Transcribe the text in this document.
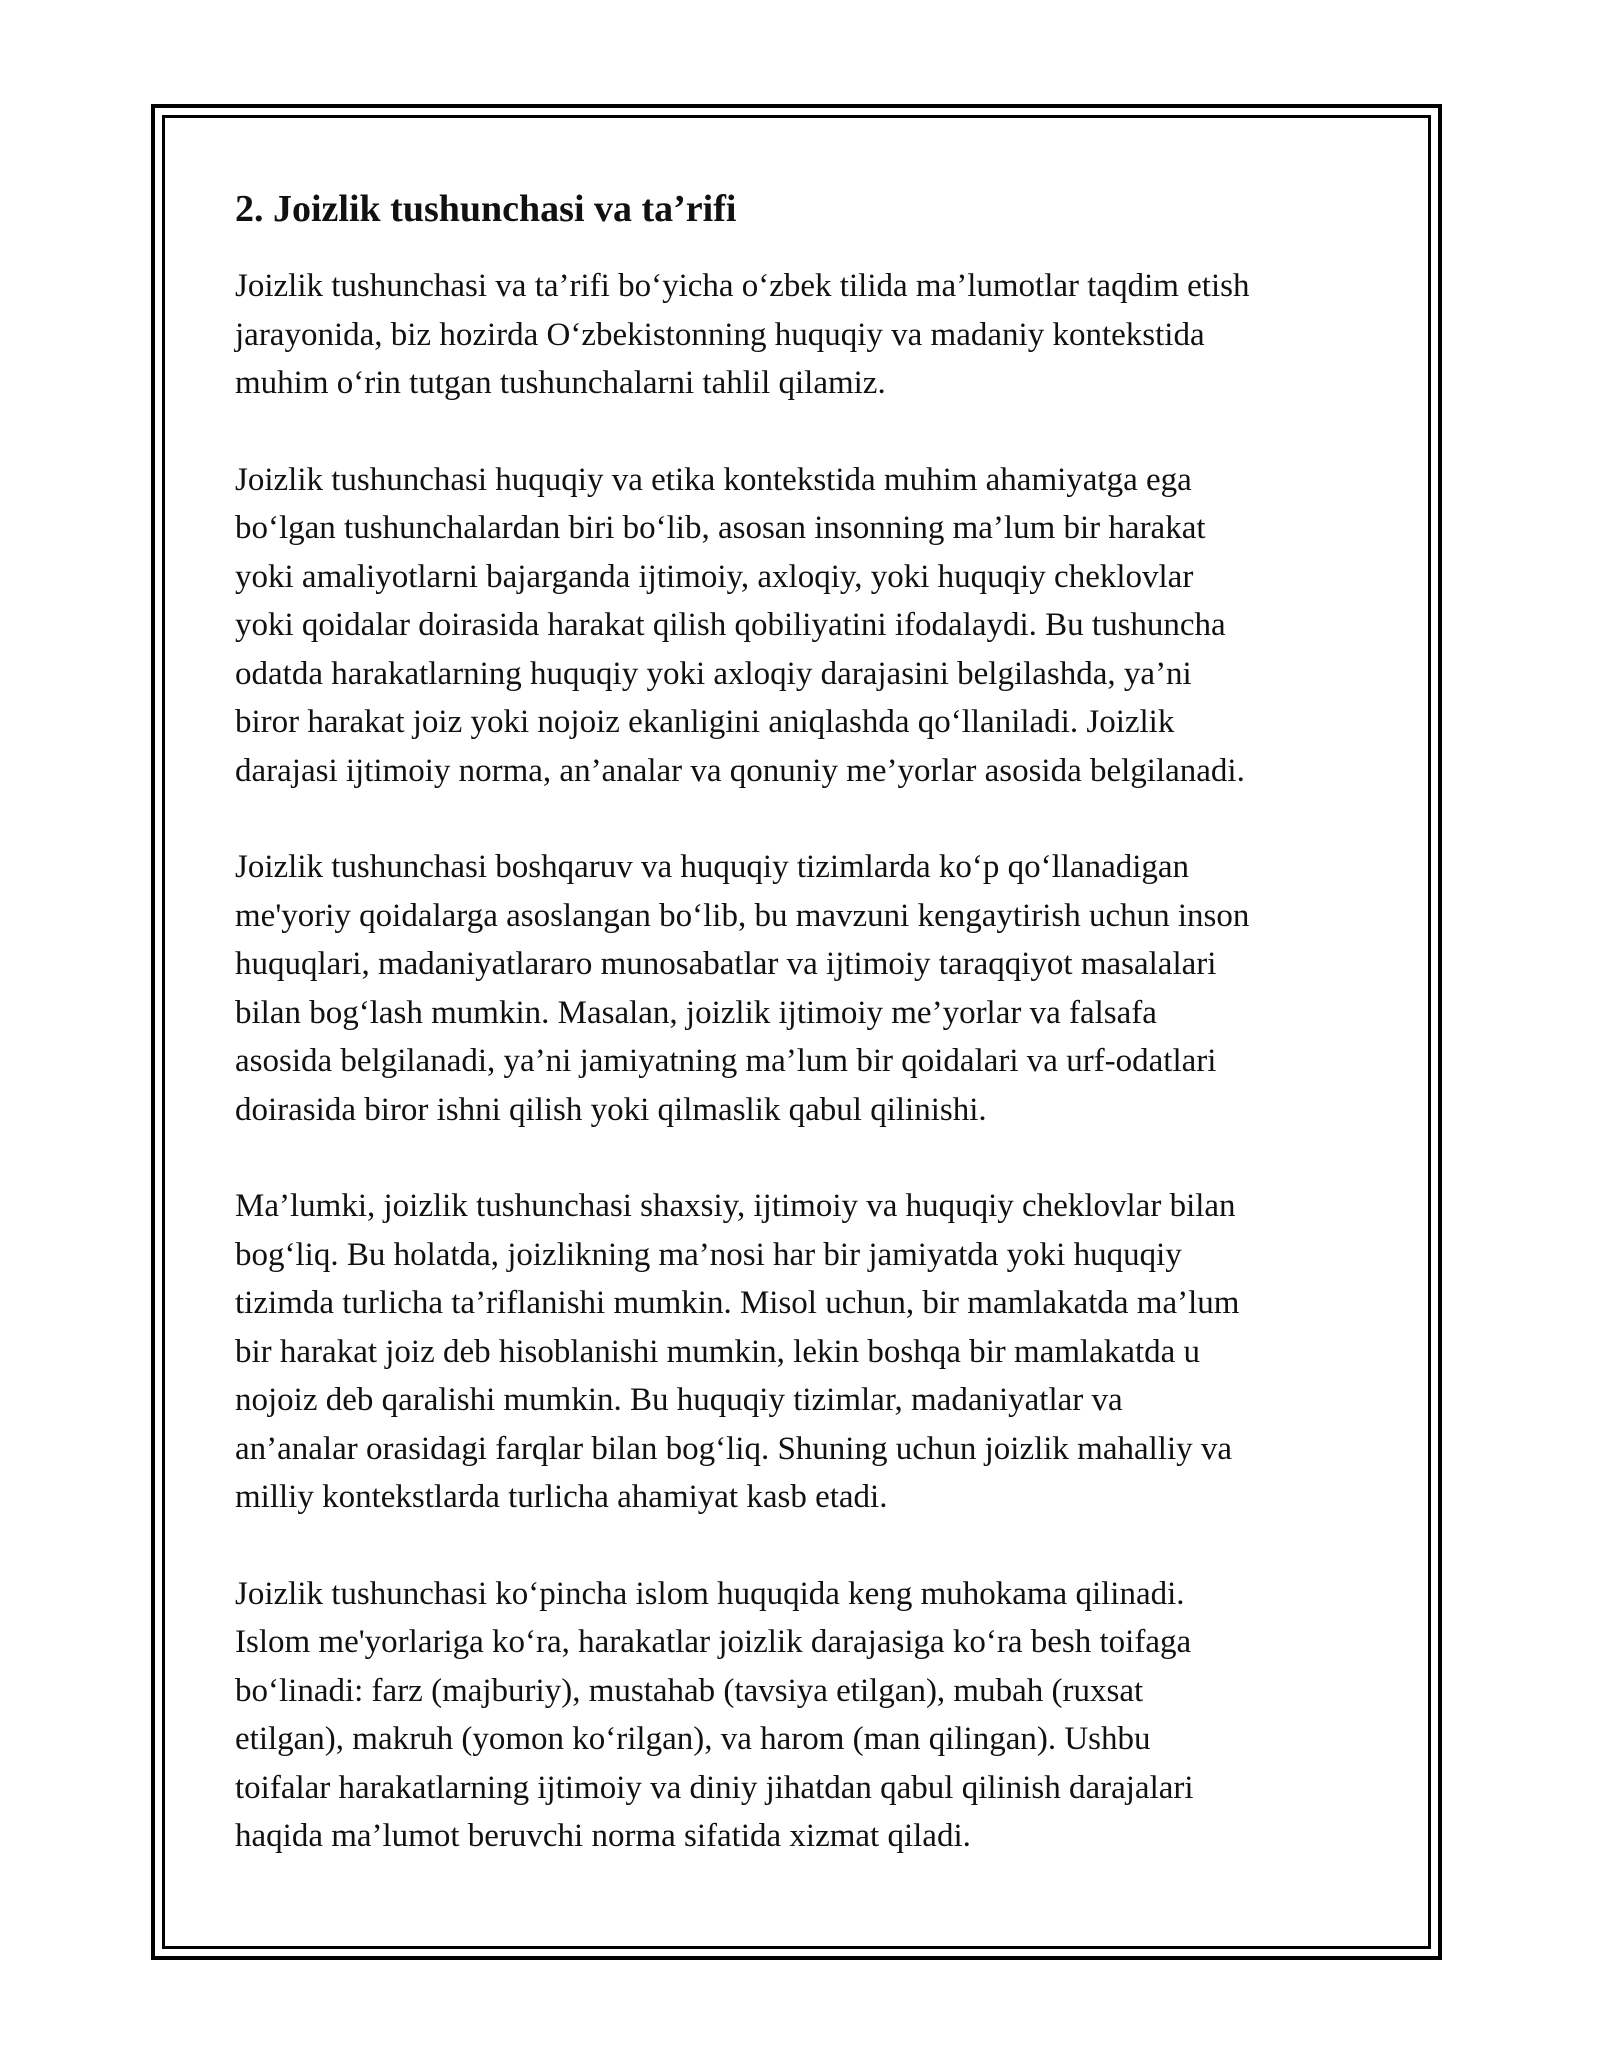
2. Joizlik tushunchasi va ta’rifi

Joizlik tushunchasi va ta’rifi bo‘yicha o‘zbek tilida ma’lumotlar taqdim etish
jarayonida, biz hozirda O‘zbekistonning huquqiy va madaniy kontekstida
muhim o‘rin tutgan tushunchalarni tahlil qilamiz.

Joizlik tushunchasi huquqiy va etika kontekstida muhim ahamiyatga ega
bo‘lgan tushunchalardan biri bo‘lib, asosan insonning ma’lum bir harakat
yoki amaliyotlarni bajarganda ijtimoiy, axloqiy, yoki huquqiy cheklovlar
yoki qoidalar doirasida harakat qilish qobiliyatini ifodalaydi. Bu tushuncha
odatda harakatlarning huquqiy yoki axloqiy darajasini belgilashda, ya’ni
biror harakat joiz yoki nojoiz ekanligini aniqlashda qo‘llaniladi. Joizlik
darajasi ijtimoiy norma, an’analar va qonuniy me’yorlar asosida belgilanadi.

Joizlik tushunchasi boshqaruv va huquqiy tizimlarda ko‘p qo‘llanadigan
me'yoriy qoidalarga asoslangan bo‘lib, bu mavzuni kengaytirish uchun inson
huquqlari, madaniyatlararo munosabatlar va ijtimoiy taraqqiyot masalalari
bilan bog‘lash mumkin. Masalan, joizlik ijtimoiy me’yorlar va falsafa
asosida belgilanadi, ya’ni jamiyatning ma’lum bir qoidalari va urf-odatlari
doirasida biror ishni qilish yoki qilmaslik qabul qilinishi.

Ma’lumki, joizlik tushunchasi shaxsiy, ijtimoiy va huquqiy cheklovlar bilan
bog‘liq. Bu holatda, joizlikning ma’nosi har bir jamiyatda yoki huquqiy
tizimda turlicha ta’riflanishi mumkin. Misol uchun, bir mamlakatda ma’lum
bir harakat joiz deb hisoblanishi mumkin, lekin boshqa bir mamlakatda u
nojoiz deb qaralishi mumkin. Bu huquqiy tizimlar, madaniyatlar va
an’analar orasidagi farqlar bilan bog‘liq. Shuning uchun joizlik mahalliy va
milliy kontekstlarda turlicha ahamiyat kasb etadi.

Joizlik tushunchasi ko‘pincha islom huquqida keng muhokama qilinadi.
Islom me'yorlariga ko‘ra, harakatlar joizlik darajasiga ko‘ra besh toifaga
bo‘linadi: farz (majburiy), mustahab (tavsiya etilgan), mubah (ruxsat
etilgan), makruh (yomon ko‘rilgan), va harom (man qilingan). Ushbu
toifalar harakatlarning ijtimoiy va diniy jihatdan qabul qilinish darajalari
haqida ma’lumot beruvchi norma sifatida xizmat qiladi.
